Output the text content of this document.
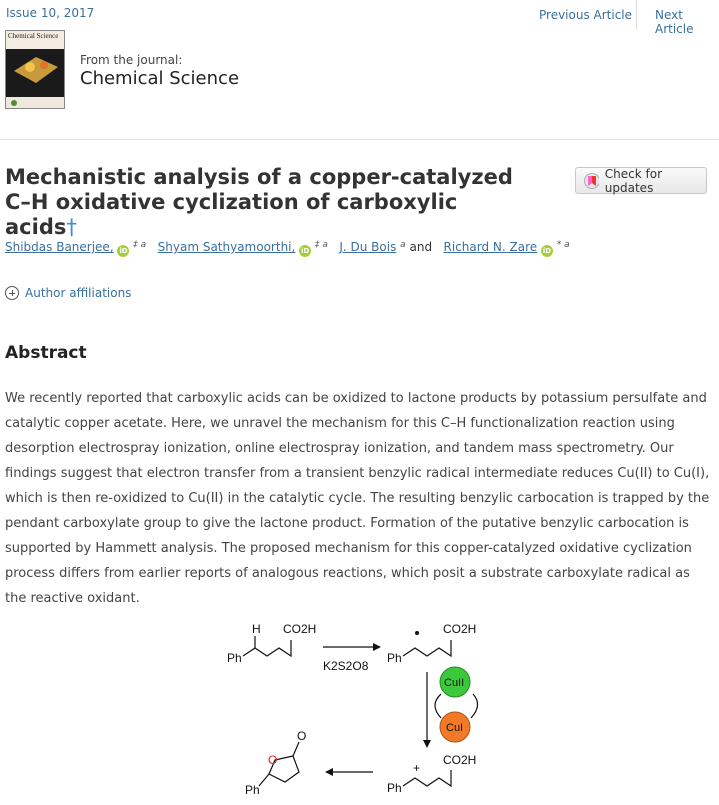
Issue 10, 2017	Previous Article Next Article
Chemical Science
From the journal:
Chemical Science
Mechanistic analysis of a copper-catalyzed C–H oxidative cyclization of carboxylic acids†
Check for updates
Shibdas Banerjee, iD $^{\ddagger a}$ Shyam Sathyamoorthi, iD $^{\ddagger a}$ J. Du Bois $^a$ and Richard N. Zare iD $^{* a}$
Author affiliations
Abstract

We recently reported that carboxylic acids can be oxidized to lactone products by potassium persulfate and catalytic copper acetate. Here, we unravel the mechanism for this C–H functionalization reaction using desorption electrospray ionization, online electrospray ionization, and tandem mass spectrometry. Our findings suggest that electron transfer from a transient benzylic radical intermediate reduces Cu(II) to Cu(I), which is then re-oxidized to Cu(II) in the catalytic cycle. The resulting benzylic carbocation is trapped by the pendant carboxylate group to give the lactone product. Formation of the putative benzylic carbocation is supported by Hammett analysis. The proposed mechanism for this copper-catalyzed oxidative cyclization process differs from earlier reports of analogous reactions, which posit a substrate carboxylate radical as the reactive oxidant.

H CO2H
Ph
K2S2O8
CO2H
Ph
CuII
CuI
+
CO2H
Ph
O
O
Ph
